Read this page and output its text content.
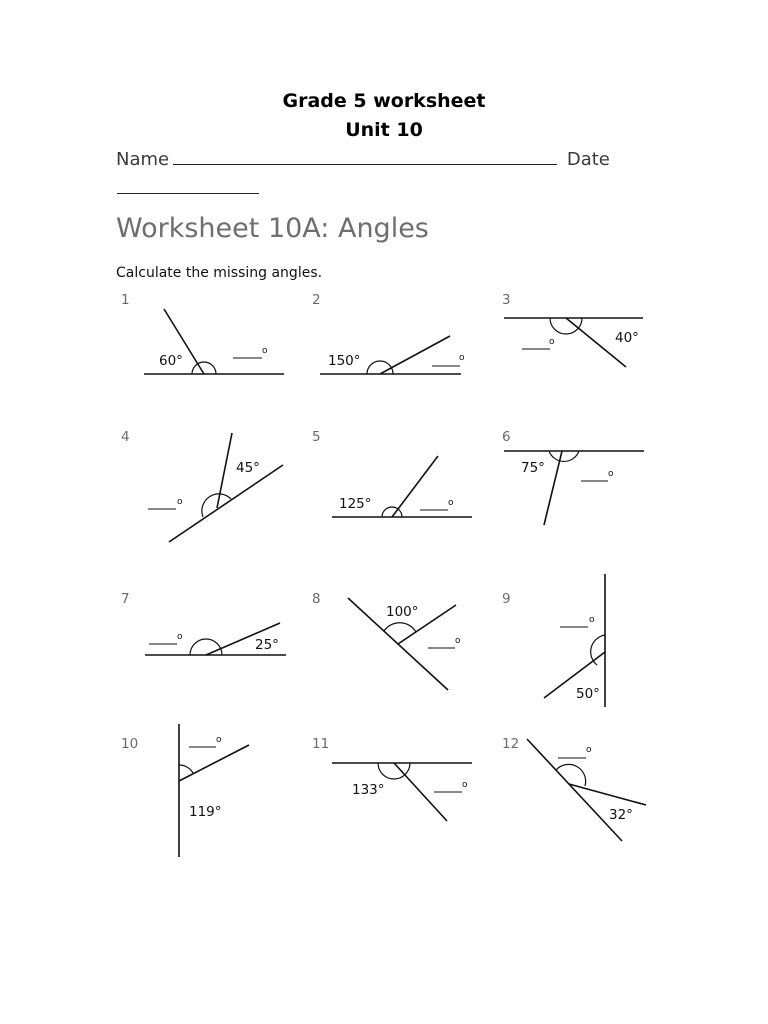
Grade 5 worksheet
Unit 10
Name	Date
Worksheet 10A: Angles
Calculate the missing angles.
1
60°
o
2
150°	o
3
40°
o
4
45°
o
5
125°	o
6
75°	o
7
25°
o
8
100°
o
9
50°
o
10
119°
o	11
133°	o
12
32°
o
